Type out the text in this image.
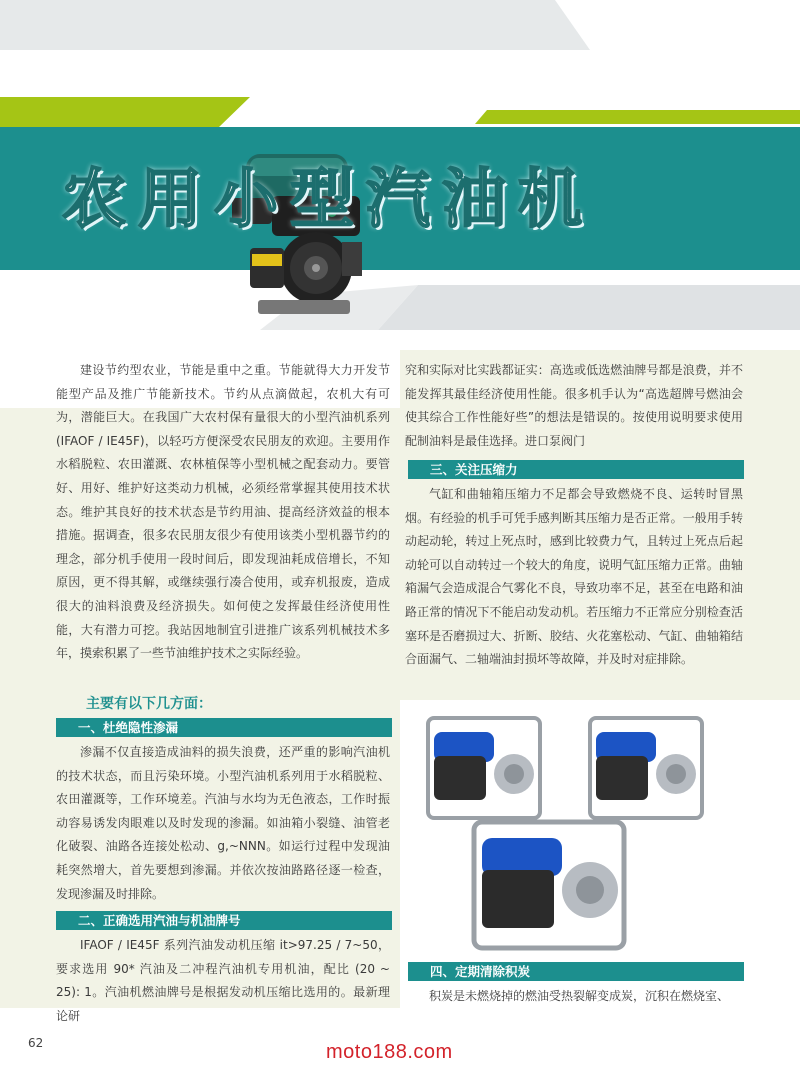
农用小型汽油机

建设节约型农业，节能是重中之重。节能就得大力开发节能型产品及推广节能新技术。节约从点滴做起，农机大有可为，潜能巨大。在我国广大农村保有量很大的小型汽油机系列 (IFAOF / IE45F)，以轻巧方便深受农民朋友的欢迎。主要用作水稻脱粒、农田灌溉、农林植保等小型机械之配套动力。要管好、用好、维护好这类动力机械，必须经常掌握其使用技术状态。维护其良好的技术状态是节约用油、提高经济效益的根本措施。据调查，很多农民朋友很少有使用该类小型机器节约的理念，部分机手使用一段时间后，即发现油耗成倍增长，不知原因，更不得其解，或继续强行凑合使用，或弃机报废，造成很大的油料浪费及经济损失。如何使之发挥最佳经济使用性能，大有潜力可挖。我站因地制宜引进推广该系列机械技术多年，摸索积累了一些节油维护技术之实际经验。

主要有以下几方面：
一、杜绝隐性渗漏

渗漏不仅直接造成油料的损失浪费，还严重的影响汽油机的技术状态，而且污染环境。小型汽油机系列用于水稻脱粒、农田灌溉等，工作环境差。汽油与水均为无色液态，工作时振动容易诱发肉眼难以及时发现的渗漏。如油箱小裂缝、油管老化破裂、油路各连接处松动、g,~NNN。如运行过程中发现油耗突然增大，首先要想到渗漏。并依次按油路路径逐一检查，发现渗漏及时排除。

二、正确选用汽油与机油牌号

IFAOF / IE45F 系列汽油发动机压缩 it>97.25 / 7~50，要求选用 90* 汽油及二冲程汽油机专用机油，配比 (20 ~ 25): 1。汽油机燃油牌号是根据发动机压缩比选用的。最新理论研

究和实际对比实践都证实：高选或低选燃油牌号都是浪费，并不能发挥其最佳经济使用性能。很多机手认为“高选超牌号燃油会使其综合工作性能好些”的想法是错误的。按使用说明要求使用配制油料是最佳选择。进口泵阀门

三、关注压缩力

气缸和曲轴箱压缩力不足都会导致燃烧不良、运转时冒黑烟。有经验的机手可凭手感判断其压缩力是否正常。一般用手转动起动轮，转过上死点时，感到比较费力气，且转过上死点后起动轮可以自动转过一个较大的角度，说明气缸压缩力正常。曲轴箱漏气会造成混合气雾化不良，导致功率不足，甚至在电路和油路正常的情况下不能启动发动机。若压缩力不正常应分别检查活塞环是否磨损过大、折断、胶结、火花塞松动、气缸、曲轴箱结合面漏气、二轴端油封损坏等故障，并及时对症排除。

四、定期清除积炭

积炭是未燃烧掉的燃油受热裂解变成炭，沉积在燃烧室、

62	moto188.com
